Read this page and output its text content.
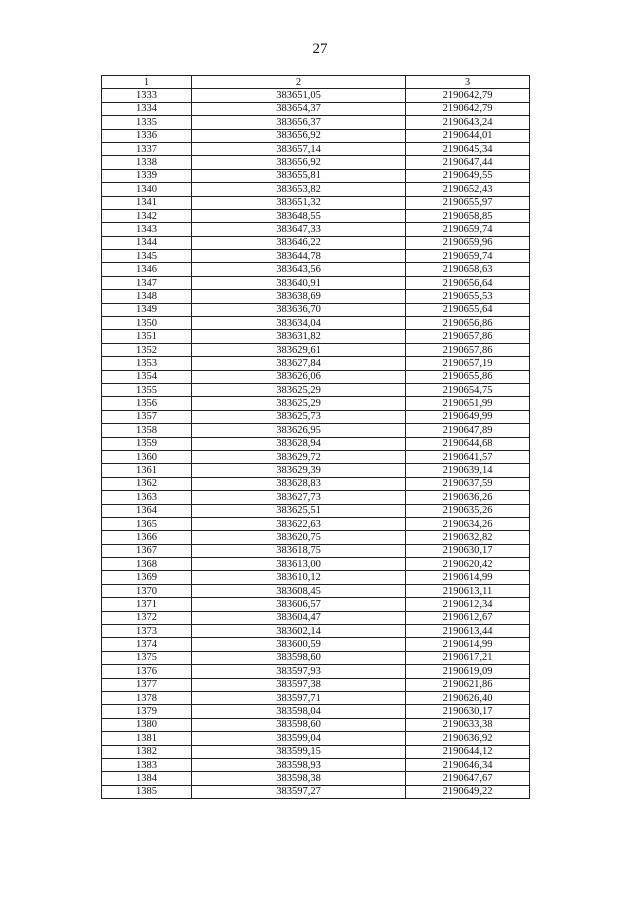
27
1	2	3
1333	383651,05	2190642,79
1334	383654,37	2190642,79
1335	383656,37	2190643,24
1336	383656,92	2190644,01
1337	383657,14	2190645,34
1338	383656,92	2190647,44
1339	383655,81	2190649,55
1340	383653,82	2190652,43
1341	383651,32	2190655,97
1342	383648,55	2190658,85
1343	383647,33	2190659,74
1344	383646,22	2190659,96
1345	383644,78	2190659,74
1346	383643,56	2190658,63
1347	383640,91	2190656,64
1348	383638,69	2190655,53
1349	383636,70	2190655,64
1350	383634,04	2190656,86
1351	383631,82	2190657,86
1352	383629,61	2190657,86
1353	383627,84	2190657,19
1354	383626,06	2190655,86
1355	383625,29	2190654,75
1356	383625,29	2190651,99
1357	383625,73	2190649,99
1358	383626,95	2190647,89
1359	383628,94	2190644,68
1360	383629,72	2190641,57
1361	383629,39	2190639,14
1362	383628,83	2190637,59
1363	383627,73	2190636,26
1364	383625,51	2190635,26
1365	383622,63	2190634,26
1366	383620,75	2190632,82
1367	383618,75	2190630,17
1368	383613,00	2190620,42
1369	383610,12	2190614,99
1370	383608,45	2190613,11
1371	383606,57	2190612,34
1372	383604,47	2190612,67
1373	383602,14	2190613,44
1374	383600,59	2190614,99
1375	383598,60	2190617,21
1376	383597,93	2190619,09
1377	383597,38	2190621,86
1378	383597,71	2190626,40
1379	383598,04	2190630,17
1380	383598,60	2190633,38
1381	383599,04	2190636,92
1382	383599,15	2190644,12
1383	383598,93	2190646,34
1384	383598,38	2190647,67
1385	383597,27	2190649,22
